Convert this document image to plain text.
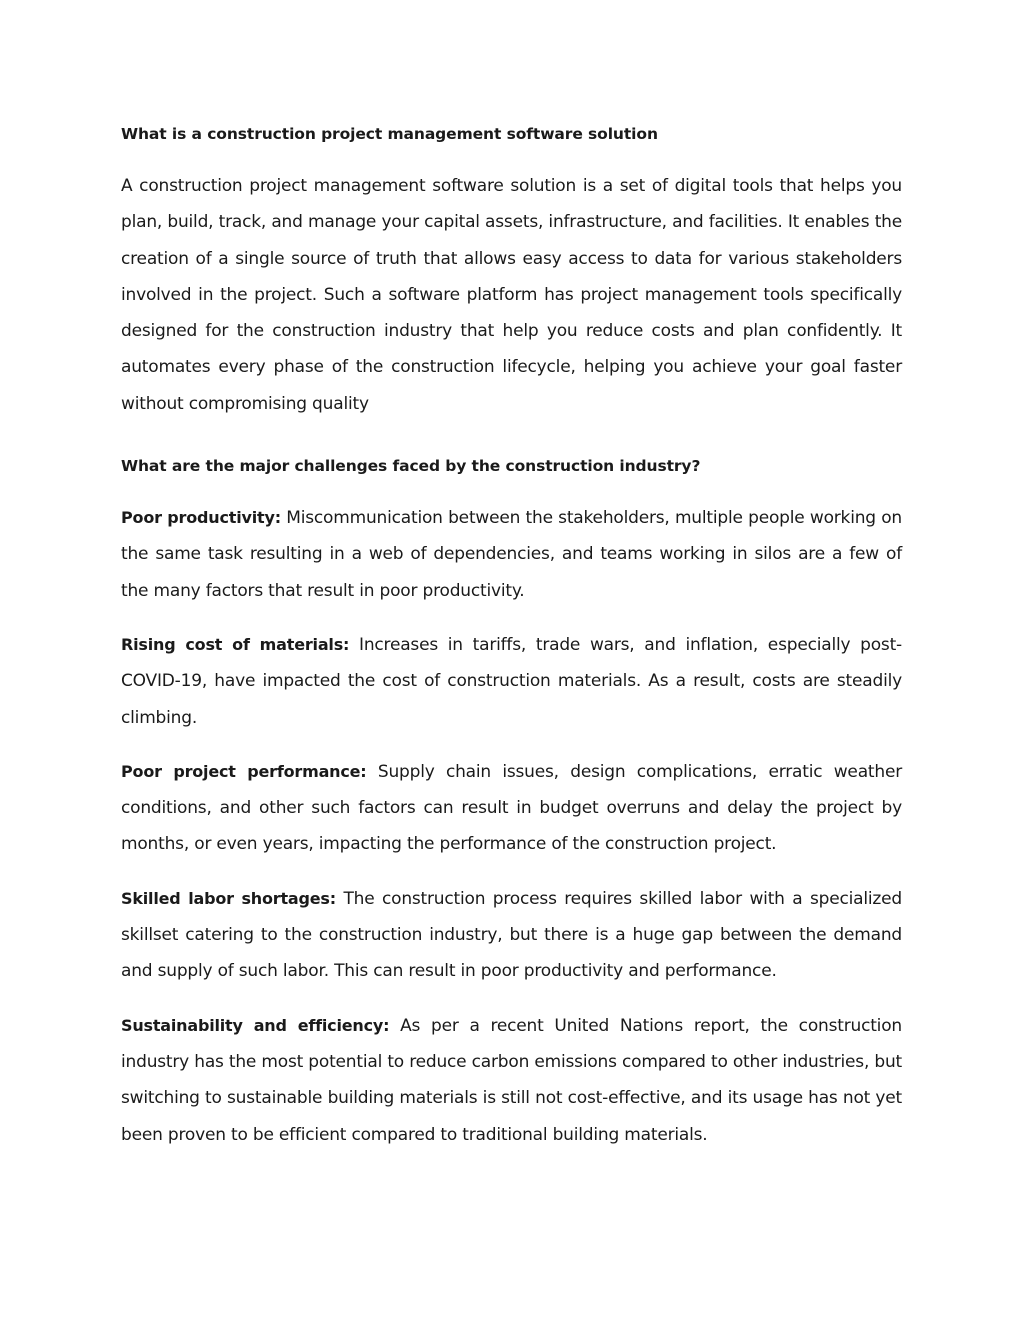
What is a construction project management software solution

A construction project management software solution is a set of digital tools that helps you plan, build, track, and manage your capital assets, infrastructure, and facilities. It enables the creation of a single source of truth that allows easy access to data for various stakeholders involved in the project. Such a software platform has project management tools specifically designed for the construction industry that help you reduce costs and plan confidently. It automates every phase of the construction lifecycle, helping you achieve your goal faster without compromising quality

What are the major challenges faced by the construction industry?

Poor productivity: Miscommunication between the stakeholders, multiple people working on the same task resulting in a web of dependencies, and teams working in silos are a few of the many factors that result in poor productivity.

Rising cost of materials: Increases in tariffs, trade wars, and inflation, especially post-COVID-19, have impacted the cost of construction materials. As a result, costs are steadily climbing.

Poor project performance: Supply chain issues, design complications, erratic weather conditions, and other such factors can result in budget overruns and delay the project by months, or even years, impacting the performance of the construction project.

Skilled labor shortages: The construction process requires skilled labor with a specialized skillset catering to the construction industry, but there is a huge gap between the demand and supply of such labor. This can result in poor productivity and performance.

Sustainability and efficiency: As per a recent United Nations report, the construction industry has the most potential to reduce carbon emissions compared to other industries, but switching to sustainable building materials is still not cost-effective, and its usage has not yet been proven to be efficient compared to traditional building materials.
